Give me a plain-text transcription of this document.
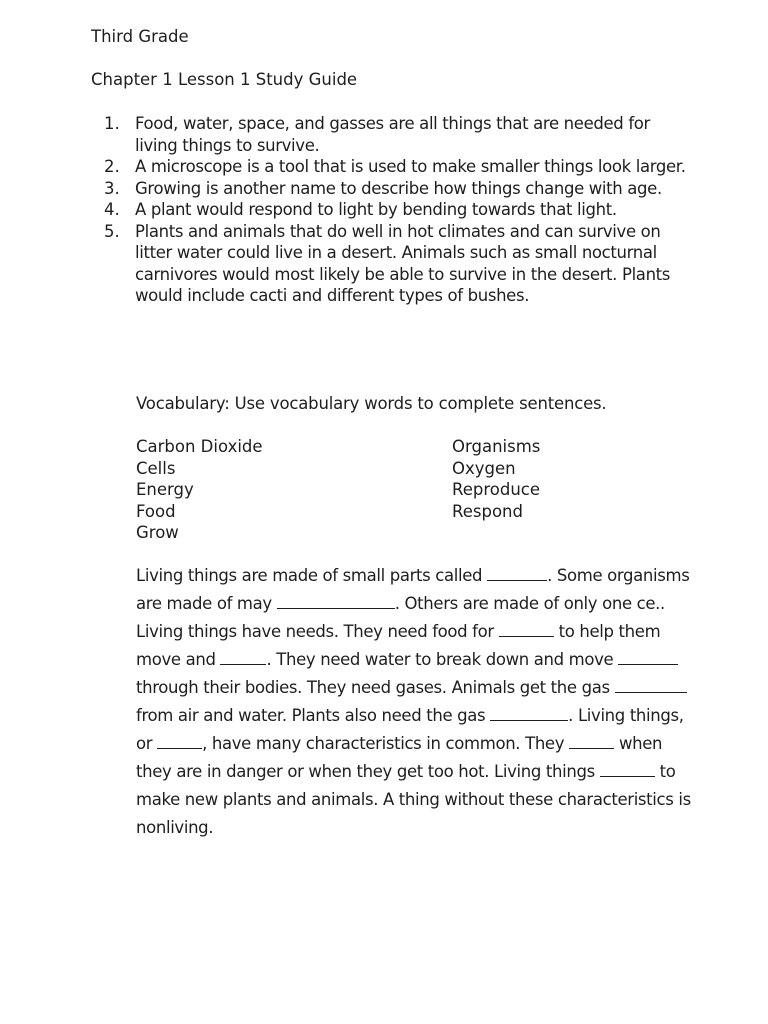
Third Grade
Chapter 1 Lesson 1 Study Guide
1. Food, water, space, and gasses are all things that are needed for living things to survive.
2. A microscope is a tool that is used to make smaller things look larger.
3. Growing is another name to describe how things change with age.
4. A plant would respond to light by bending towards that light.
5. Plants and animals that do well in hot climates and can survive on litter water could live in a desert. Animals such as small nocturnal carnivores would most likely be able to survive in the desert. Plants would include cacti and different types of bushes.
Vocabulary: Use vocabulary words to complete sentences.
Carbon Dioxide
Cells
Energy
Food
Grow
Organisms
Oxygen
Reproduce
Respond

Living things are made of small parts called	. Some organisms are made of may	. Others are made of only one ce..

Living things have needs. They need food for	to help them move and	. They need water to break down and move  through their bodies. They need gases. Animals get the gas  from air and water. Plants also need the gas	. Living things, or	, have many characteristics in common. They	when they are in danger or when they get too hot. Living things	to make new plants and animals. A thing without these characteristics is nonliving.
